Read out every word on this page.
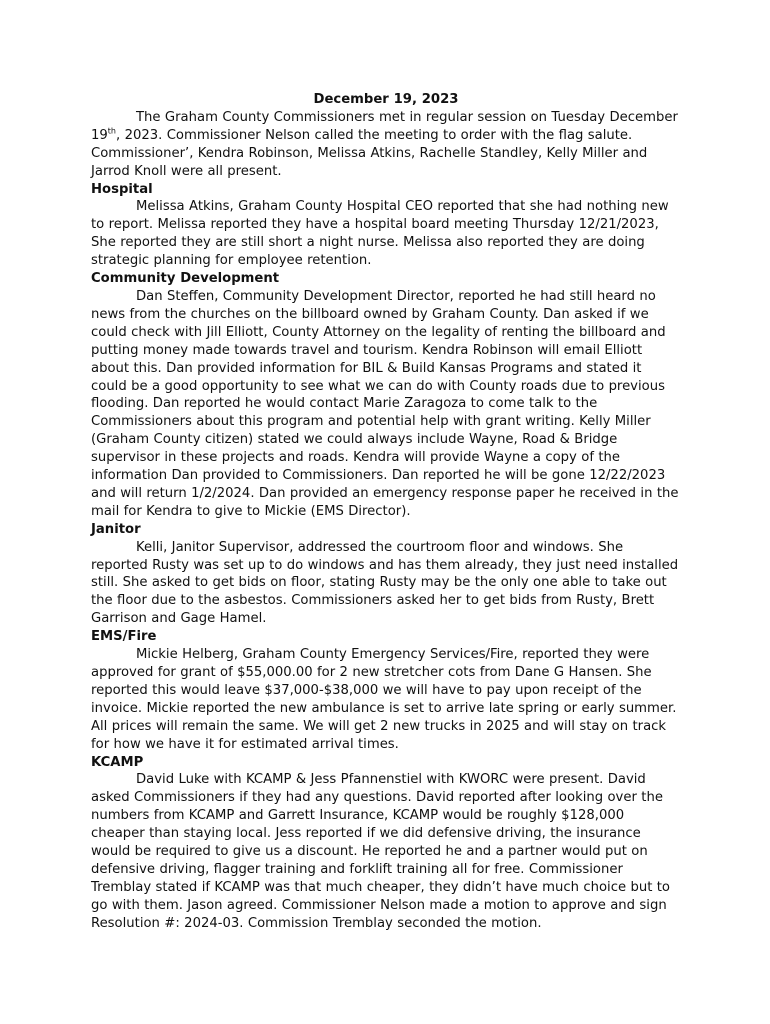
December 19, 2023

The Graham County Commissioners met in regular session on Tuesday December 19th, 2023. Commissioner Nelson called the meeting to order with the flag salute. Commissioner’, Kendra Robinson, Melissa Atkins, Rachelle Standley, Kelly Miller and Jarrod Knoll were all present.

Hospital

Melissa Atkins, Graham County Hospital CEO reported that she had nothing new to report. Melissa reported they have a hospital board meeting Thursday 12/21/2023, She reported they are still short a night nurse. Melissa also reported they are doing strategic planning for employee retention.

Community Development

Dan Steffen, Community Development Director, reported he had still heard no news from the churches on the billboard owned by Graham County. Dan asked if we could check with Jill Elliott, County Attorney on the legality of renting the billboard and putting money made towards travel and tourism. Kendra Robinson will email Elliott about this. Dan provided information for BIL & Build Kansas Programs and stated it could be a good opportunity to see what we can do with County roads due to previous flooding. Dan reported he would contact Marie Zaragoza to come talk to the Commissioners about this program and potential help with grant writing. Kelly Miller (Graham County citizen) stated we could always include Wayne, Road & Bridge supervisor in these projects and roads. Kendra will provide Wayne a copy of the information Dan provided to Commissioners. Dan reported he will be gone 12/22/2023 and will return 1/2/2024. Dan provided an emergency response paper he received in the mail for Kendra to give to Mickie (EMS Director).

Janitor

Kelli, Janitor Supervisor, addressed the courtroom floor and windows. She reported Rusty was set up to do windows and has them already, they just need installed still. She asked to get bids on floor, stating Rusty may be the only one able to take out the floor due to the asbestos. Commissioners asked her to get bids from Rusty, Brett Garrison and Gage Hamel.

EMS/Fire

Mickie Helberg, Graham County Emergency Services/Fire, reported they were approved for grant of $55,000.00 for 2 new stretcher cots from Dane G Hansen. She reported this would leave $37,000-$38,000 we will have to pay upon receipt of the invoice. Mickie reported the new ambulance is set to arrive late spring or early summer. All prices will remain the same. We will get 2 new trucks in 2025 and will stay on track for how we have it for estimated arrival times.

KCAMP

David Luke with KCAMP & Jess Pfannenstiel with KWORC were present. David asked Commissioners if they had any questions. David reported after looking over the numbers from KCAMP and Garrett Insurance, KCAMP would be roughly $128,000 cheaper than staying local. Jess reported if we did defensive driving, the insurance would be required to give us a discount. He reported he and a partner would put on defensive driving, flagger training and forklift training all for free. Commissioner Tremblay stated if KCAMP was that much cheaper, they didn’t have much choice but to go with them. Jason agreed. Commissioner Nelson made a motion to approve and sign Resolution #: 2024-03. Commission Tremblay seconded the motion.
